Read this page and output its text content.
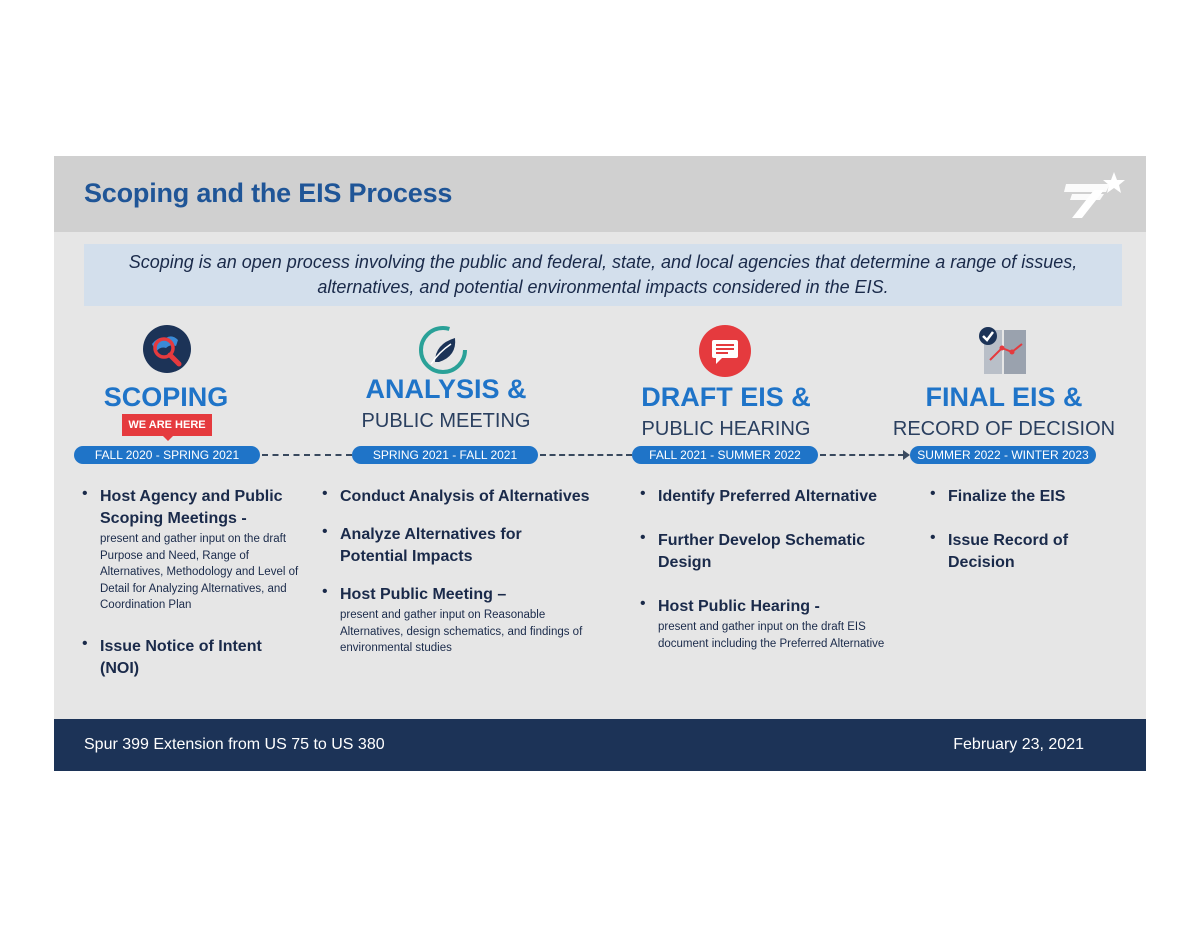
Scoping and the EIS Process
Scoping is an open process involving the public and federal, state, and local agencies that determine a range of issues, alternatives, and potential environmental impacts considered in the EIS.
SCOPING
WE ARE HERE
ANALYSIS &
PUBLIC MEETING
DRAFT EIS &
PUBLIC HEARING
FINAL EIS &
RECORD OF DECISION
FALL 2020 - SPRING 2021	SPRING 2021 - FALL 2021	FALL 2021 - SUMMER 2022	SUMMER 2022 - WINTER 2023
• Host Agency and Public Scoping Meetings -
present and gather input on the draft Purpose and Need, Range of Alternatives, Methodology and Level of Detail for Analyzing Alternatives, and Coordination Plan
• Issue Notice of Intent (NOI)
• Conduct Analysis of Alternatives
• Analyze Alternatives for Potential Impacts
• Host Public Meeting –
present and gather input on Reasonable Alternatives, design schematics, and findings of environmental studies
• Identify Preferred Alternative
• Further Develop Schematic Design
• Host Public Hearing -
present and gather input on the draft EIS document including the Preferred Alternative
• Finalize the EIS
• Issue Record of Decision
Spur 399 Extension from US 75 to US 380	February 23, 2021
